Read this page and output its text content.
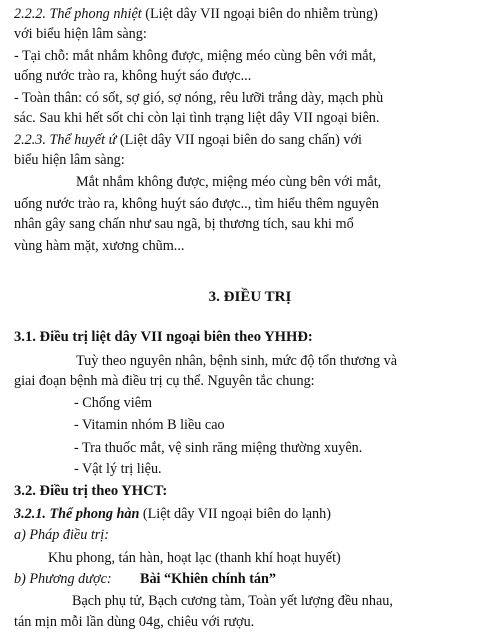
2.2.2. Thể phong nhiệt (Liệt dây VII ngoại biên do nhiễm trùng)
với biểu hiện lâm sàng:
- Tại chỗ: mắt nhắm không được, miệng méo cùng bên với mắt,
uống nước trào ra, không huýt sáo được...
- Toàn thân: có sốt, sợ gió, sợ nóng, rêu lưỡi trắng dày, mạch phù
sác. Sau khi hết sốt chỉ còn lại tình trạng liệt dây VII ngoại biên.
2.2.3. Thể huyết ứ (Liệt dây VII ngoại biên do sang chấn) với
biểu hiện lâm sàng:
Mắt nhắm không được, miệng méo cùng bên với mắt,
uống nước trào ra, không huýt sáo được.., tìm hiểu thêm nguyên
nhân gây sang chấn như sau ngã, bị thương tích, sau khi mổ
vùng hàm mặt, xương chũm...
3. ĐIỀU TRỊ
3.1. Điều trị liệt dây VII ngoại biên theo YHHĐ:
Tuỳ theo nguyên nhân, bệnh sinh, mức độ tổn thương và
giai đoạn bệnh mà điều trị cụ thể. Nguyên tắc chung:
- Chống viêm
- Vitamin nhóm B liều cao
- Tra thuốc mắt, vệ sinh răng miệng thường xuyên.
- Vật lý trị liệu.
3.2. Điều trị theo YHCT:
3.2.1. Thể phong hàn (Liệt dây VII ngoại biên do lạnh)
a) Pháp điều trị:
Khu phong, tán hàn, hoạt lạc (thanh khí hoạt huyết)
b) Phương dược: Bài “Khiên chính tán”
Bạch phụ tử, Bạch cương tàm, Toàn yết lượng đều nhau,
tán mịn mỗi lần dùng 04g, chiêu với rượu.
